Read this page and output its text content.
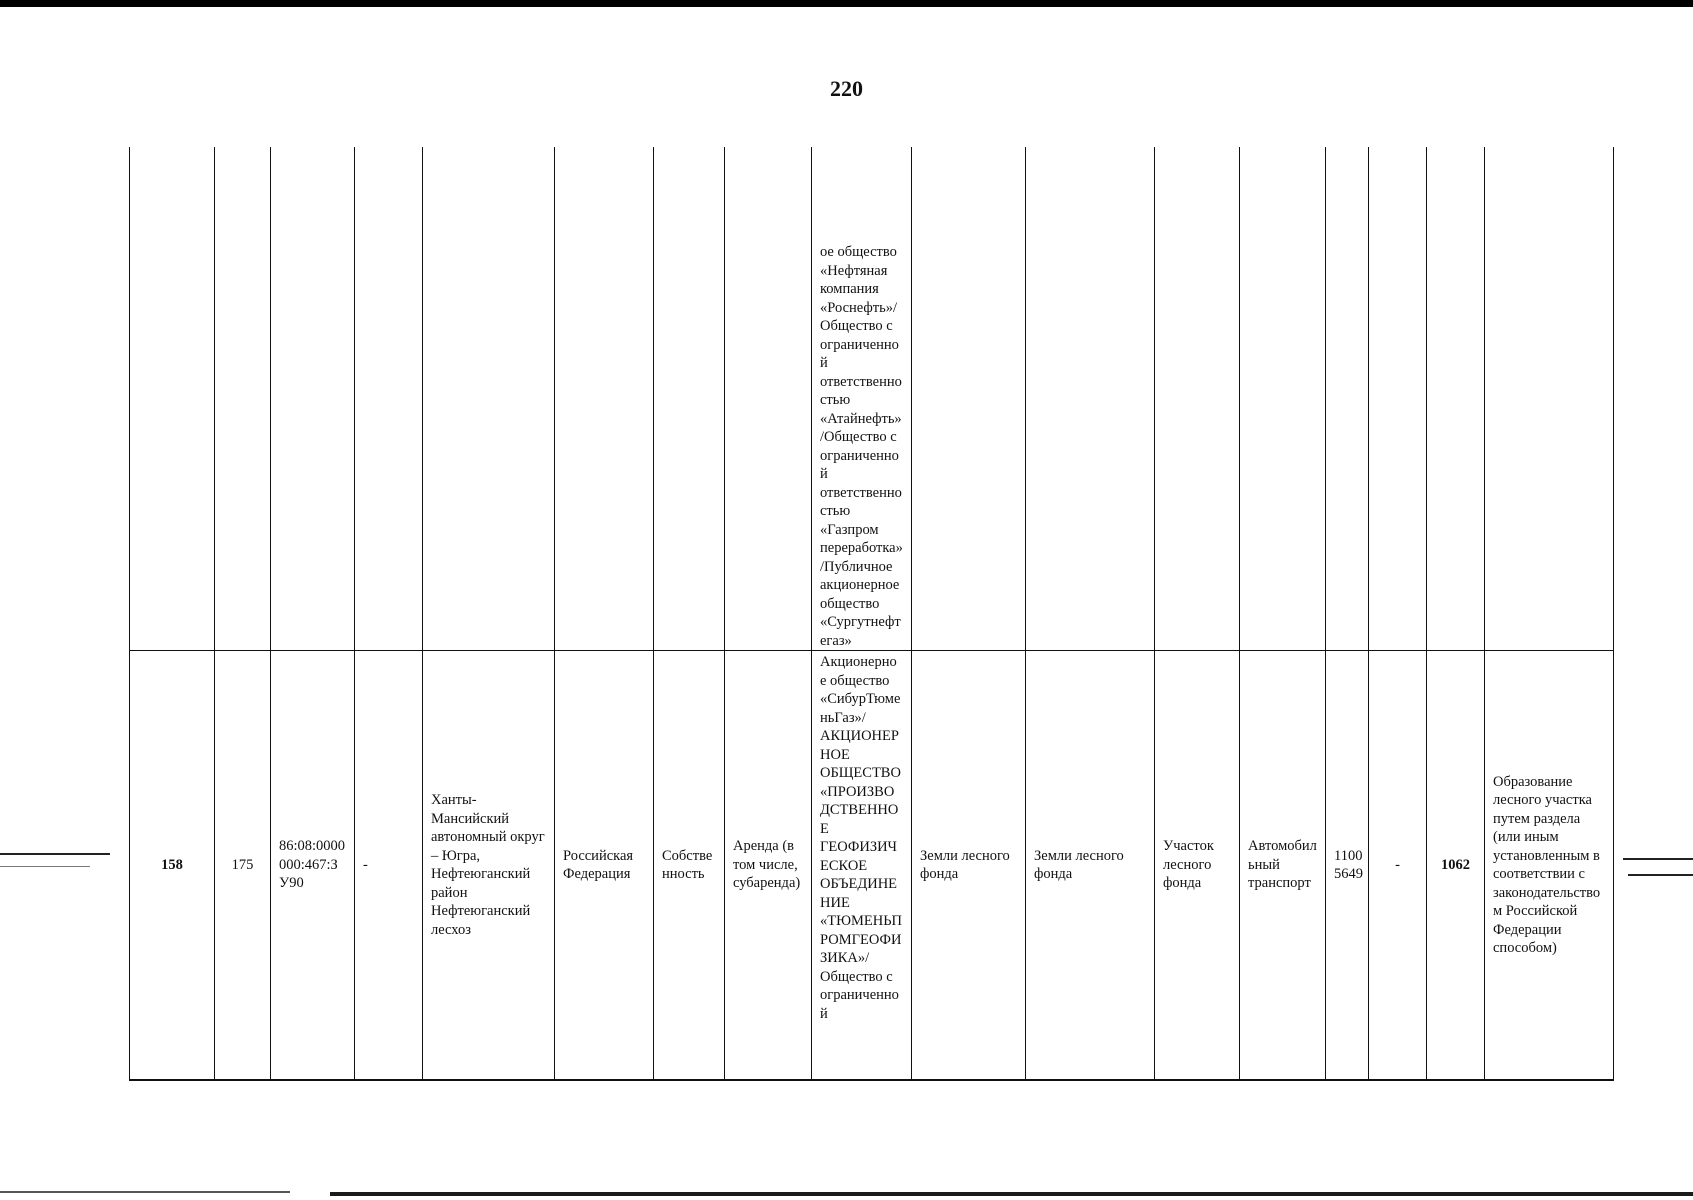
220
								ое общество «Нефтяная компания «Роснефть»/Общество с ограниченной ответственностью «Атайнефть»/Общество с ограниченной ответственностью «Газпром переработка»/Публичное акционерное общество «Сургутнефтегаз»								
158	175	86:08:0000000:467:ЗУ90	-	Ханты-Мансийский автономный округ – Югра, Нефтеюганский район Нефтеюганский лесхоз	Российская Федерация	Собственность	Аренда (в том числе, субаренда)	Акционерное общество «СибурТюменьГаз»/АКЦИОНЕРНОЕ ОБЩЕСТВО «ПРОИЗВОДСТВЕННОЕ ГЕОФИЗИЧЕСКОЕ ОБЪЕДИНЕНИЕ «ТЮМЕНЬПРОМГЕОФИЗИКА»/Общество с ограниченной	Земли лесного фонда	Земли лесного фонда	Участок лесного фонда	Автомобильный транспорт	11005649	-	1062	Образование лесного участка путем раздела (или иным установленным в соответствии с законодательством Российской Федерации способом)
